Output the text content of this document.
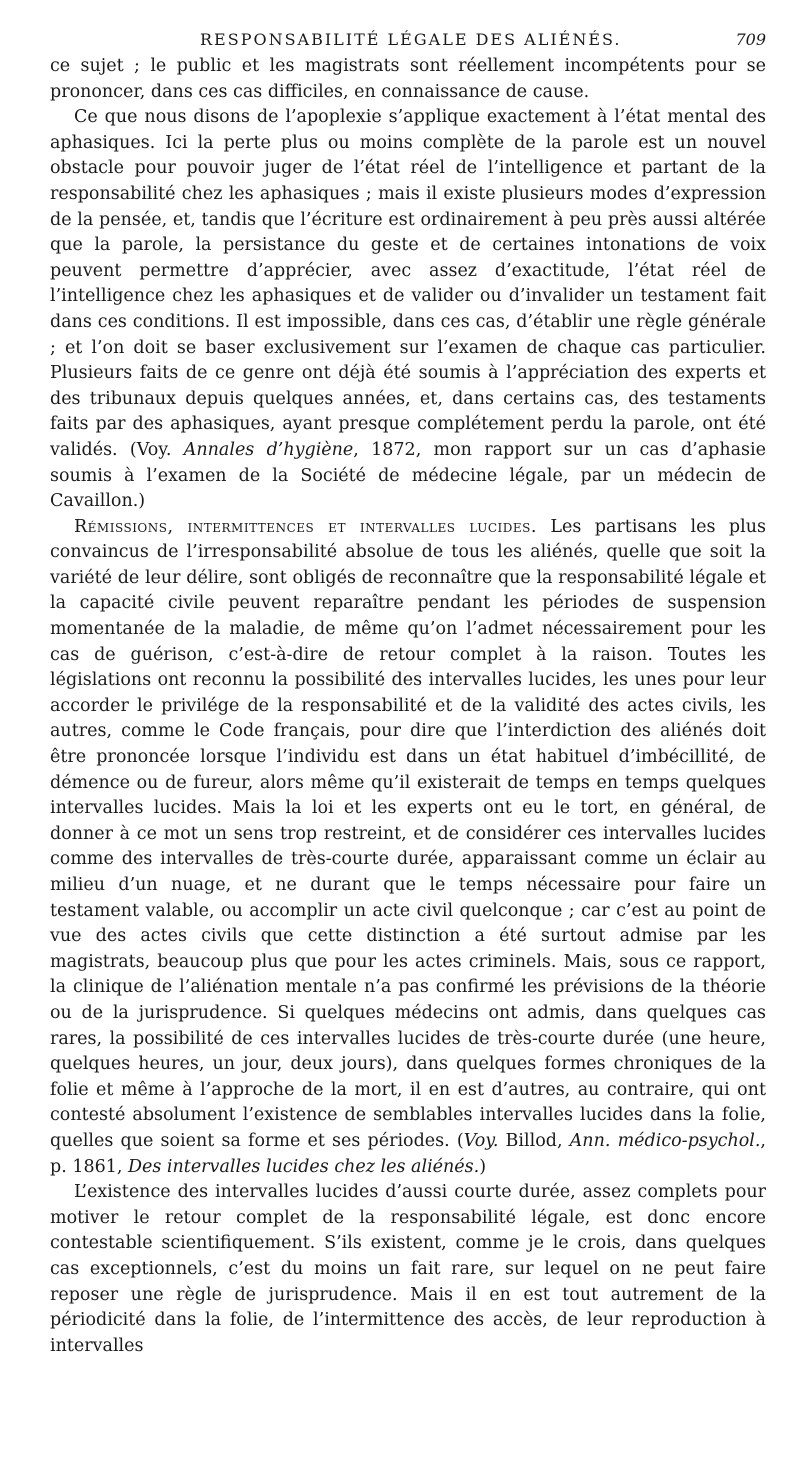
RESPONSABILITÉ LÉGALE DES ALIÉNÉS.	709

ce sujet ; le public et les magistrats sont réellement incompétents pour se prononcer, dans ces cas difficiles, en connaissance de cause.

Ce que nous disons de l’apoplexie s’applique exactement à l’état mental des aphasiques. Ici la perte plus ou moins complète de la parole est un nouvel obstacle pour pouvoir juger de l’état réel de l’intelligence et partant de la responsabilité chez les aphasiques ; mais il existe plusieurs modes d’expression de la pensée, et, tandis que l’écriture est ordinairement à peu près aussi altérée que la parole, la persistance du geste et de certaines intonations de voix peuvent permettre d’apprécier, avec assez d’exactitude, l’état réel de l’intelligence chez les aphasiques et de valider ou d’invalider un testament fait dans ces conditions. Il est impossible, dans ces cas, d’établir une règle générale ; et l’on doit se baser exclusivement sur l’examen de chaque cas particulier. Plusieurs faits de ce genre ont déjà été soumis à l’appréciation des experts et des tribunaux depuis quelques années, et, dans certains cas, des testaments faits par des aphasiques, ayant presque complétement perdu la parole, ont été validés. (Voy. Annales d’hygiène, 1872, mon rapport sur un cas d’aphasie soumis à l’examen de la Société de médecine légale, par un médecin de Cavaillon.)

Rémissions, intermittences et intervalles lucides. Les partisans les plus convaincus de l’irresponsabilité absolue de tous les aliénés, quelle que soit la variété de leur délire, sont obligés de reconnaître que la responsabilité légale et la capacité civile peuvent reparaître pendant les périodes de suspension momentanée de la maladie, de même qu’on l’admet nécessairement pour les cas de guérison, c’est-à-dire de retour complet à la raison. Toutes les législations ont reconnu la possibilité des intervalles lucides, les unes pour leur accorder le privilége de la responsabilité et de la validité des actes civils, les autres, comme le Code français, pour dire que l’interdiction des aliénés doit être prononcée lorsque l’individu est dans un état habituel d’imbécillité, de démence ou de fureur, alors même qu’il existerait de temps en temps quelques intervalles lucides. Mais la loi et les experts ont eu le tort, en général, de donner à ce mot un sens trop restreint, et de considérer ces intervalles lucides comme des intervalles de très-courte durée, apparaissant comme un éclair au milieu d’un nuage, et ne durant que le temps nécessaire pour faire un testament valable, ou accomplir un acte civil quelconque ; car c’est au point de vue des actes civils que cette distinction a été surtout admise par les magistrats, beaucoup plus que pour les actes criminels. Mais, sous ce rapport, la clinique de l’aliénation mentale n’a pas confirmé les prévisions de la théorie ou de la jurisprudence. Si quelques médecins ont admis, dans quelques cas rares, la possibilité de ces intervalles lucides de très-courte durée (une heure, quelques heures, un jour, deux jours), dans quelques formes chroniques de la folie et même à l’approche de la mort, il en est d’autres, au contraire, qui ont contesté absolument l’existence de semblables intervalles lucides dans la folie, quelles que soient sa forme et ses périodes. (Voy. Billod, Ann. médico-psychol., p. 1861, Des intervalles lucides chez les aliénés.)

L’existence des intervalles lucides d’aussi courte durée, assez complets pour motiver le retour complet de la responsabilité légale, est donc encore contestable scientifiquement. S’ils existent, comme je le crois, dans quelques cas exceptionnels, c’est du moins un fait rare, sur lequel on ne peut faire reposer une règle de jurisprudence. Mais il en est tout autrement de la périodicité dans la folie, de l’intermittence des accès, de leur reproduction à intervalles
